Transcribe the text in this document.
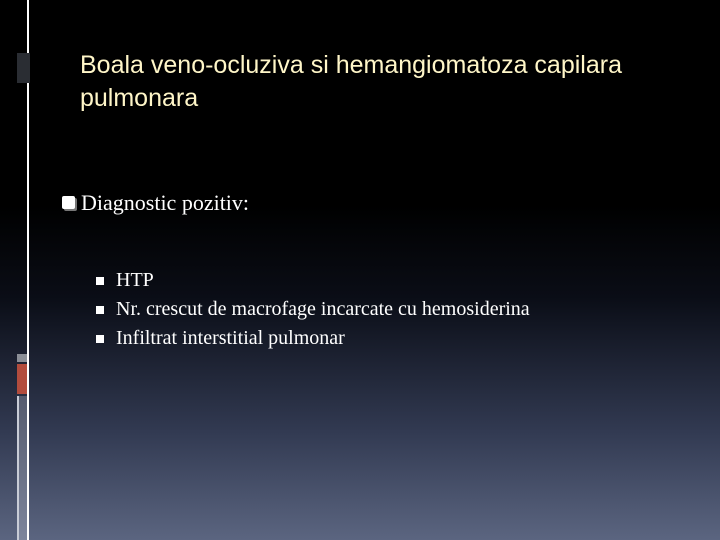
Boala veno-ocluziva si hemangiomatoza capilara pulmonara
Diagnostic pozitiv:
HTP
Nr. crescut de macrofage incarcate cu hemosiderina
Infiltrat interstitial pulmonar
